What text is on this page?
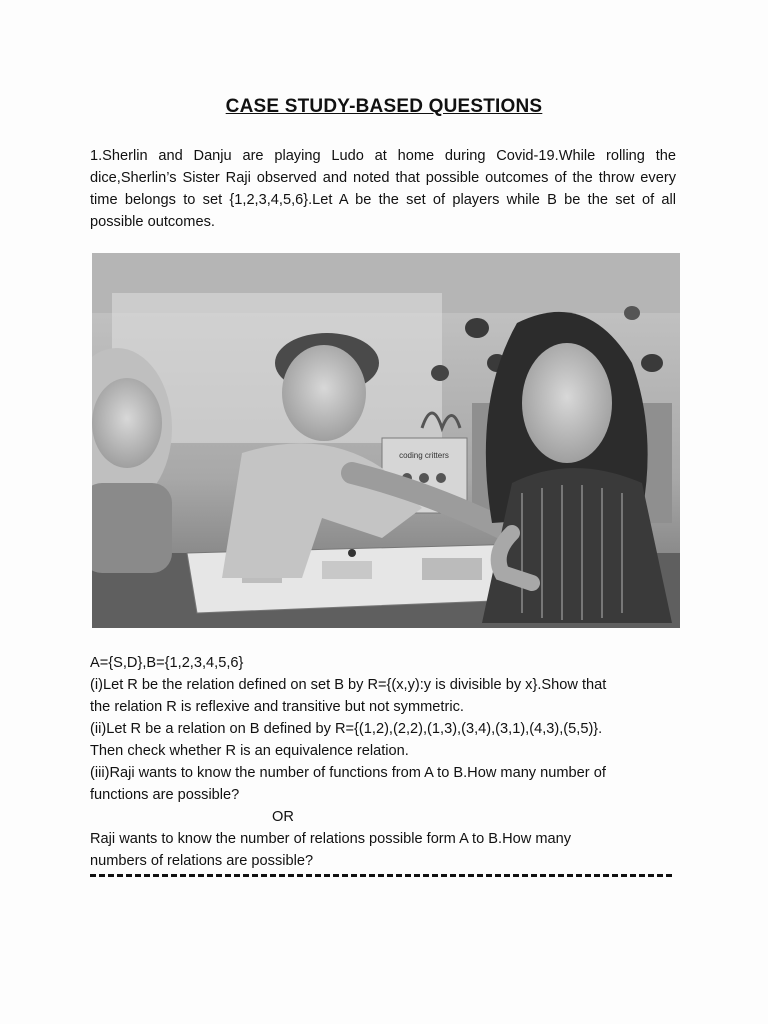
CASE STUDY-BASED QUESTIONS
1.Sherlin and Danju are playing Ludo at home during Covid-19.While rolling the dice,Sherlin’s Sister Raji observed and noted that possible outcomes of the throw every time belongs to set {1,2,3,4,5,6}.Let A be the set of players while B be the set of all possible outcomes.
coding critters

A={S,D},B={1,2,3,4,5,6}

(i)Let R be the relation defined on set B by R={(x,y):y is divisible by x}.Show that

the relation R is reflexive and transitive but not symmetric.

(ii)Let R be a relation on B defined by R={(1,2),(2,2),(1,3),(3,4),(3,1),(4,3),(5,5)}.

Then check whether R is an equivalence relation.

(iii)Raji wants to know the number of functions from A to B.How many number of

functions are possible?

OR

Raji wants to know the number of relations possible form A to B.How many

numbers of relations are possible?
